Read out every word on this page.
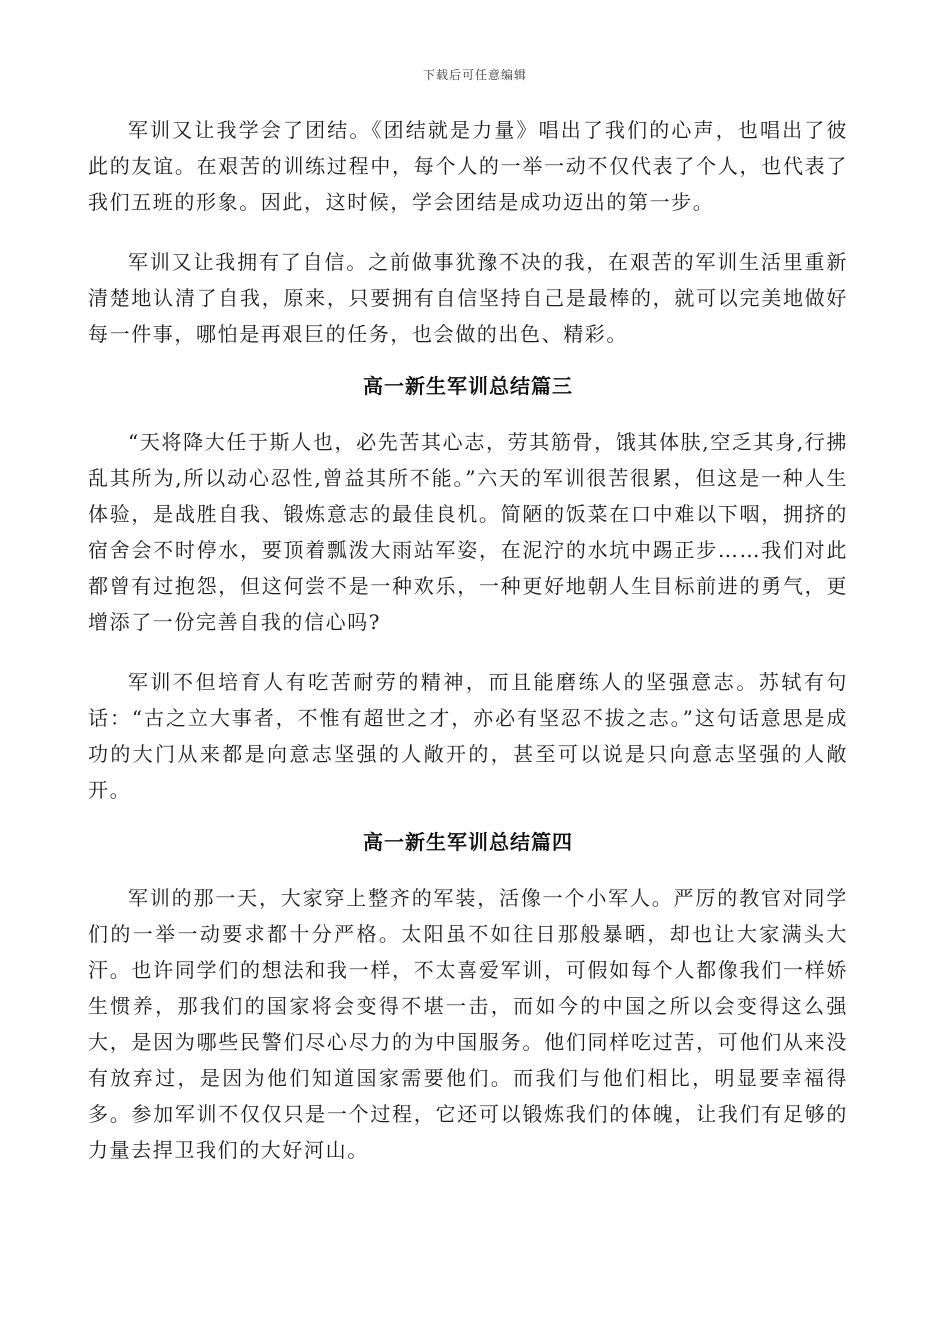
下载后可任意编辑

军训又让我学会了团结。《团结就是力量》唱出了我们的心声，也唱出了彼此的友谊。在艰苦的训练过程中，每个人的一举一动不仅代表了个人，也代表了我们五班的形象。因此，这时候，学会团结是成功迈出的第一步。

军训又让我拥有了自信。之前做事犹豫不决的我，在艰苦的军训生活里重新清楚地认清了自我，原来，只要拥有自信坚持自己是最棒的，就可以完美地做好每一件事，哪怕是再艰巨的任务，也会做的出色、精彩。

高一新生军训总结篇三

“天将降大任于斯人也，必先苦其心志，劳其筋骨，饿其体肤,空乏其身,行拂乱其所为,所以动心忍性,曾益其所不能。”六天的军训很苦很累，但这是一种人生体验，是战胜自我、锻炼意志的最佳良机。简陋的饭菜在口中难以下咽，拥挤的宿舍会不时停水，要顶着瓢泼大雨站军姿，在泥泞的水坑中踢正步……我们对此都曾有过抱怨，但这何尝不是一种欢乐，一种更好地朝人生目标前进的勇气，更增添了一份完善自我的信心吗?

军训不但培育人有吃苦耐劳的精神，而且能磨练人的坚强意志。苏轼有句话：“古之立大事者，不惟有超世之才，亦必有坚忍不拔之志。”这句话意思是成功的大门从来都是向意志坚强的人敞开的，甚至可以说是只向意志坚强的人敞开。

高一新生军训总结篇四

军训的那一天，大家穿上整齐的军装，活像一个小军人。严厉的教官对同学们的一举一动要求都十分严格。太阳虽不如往日那般暴晒，却也让大家满头大汗。也许同学们的想法和我一样，不太喜爱军训，可假如每个人都像我们一样娇生惯养，那我们的国家将会变得不堪一击，而如今的中国之所以会变得这么强大，是因为哪些民警们尽心尽力的为中国服务。他们同样吃过苦，可他们从来没有放弃过，是因为他们知道国家需要他们。而我们与他们相比，明显要幸福得多。参加军训不仅仅只是一个过程，它还可以锻炼我们的体魄，让我们有足够的力量去捍卫我们的大好河山。
